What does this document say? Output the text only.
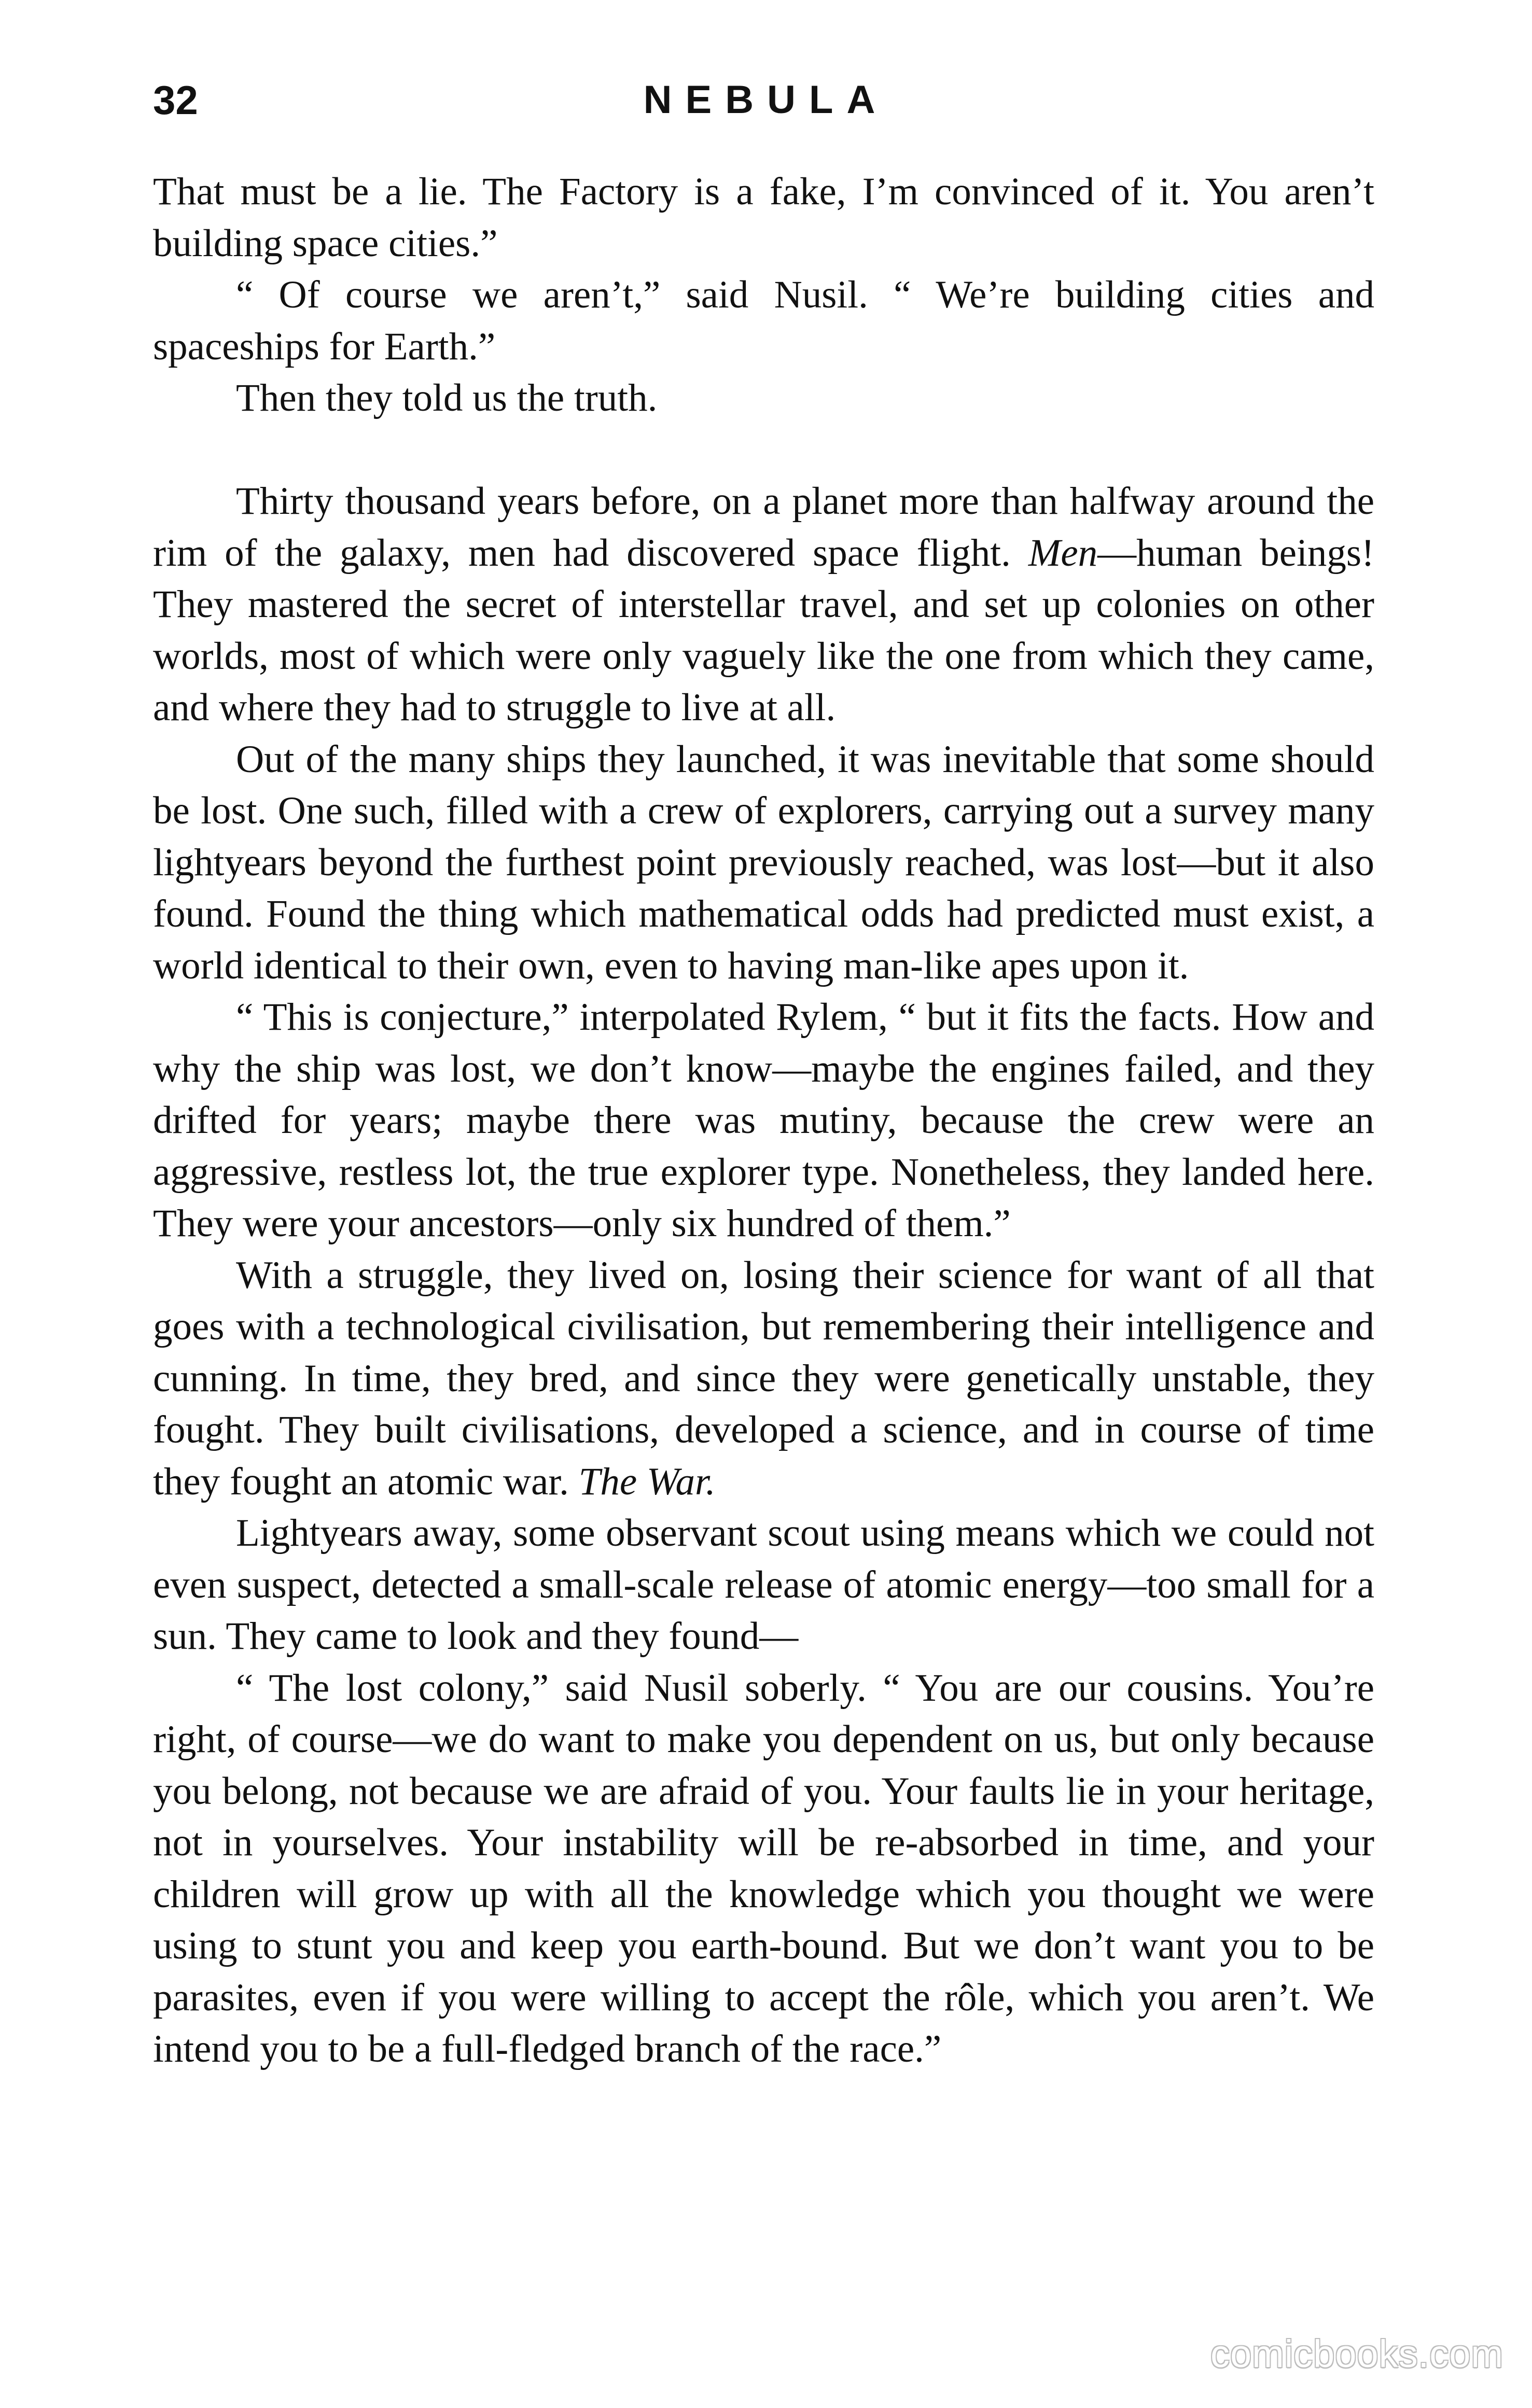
32	NEBULA

That must be a lie. The Factory is a fake, I’m convinced of it. You aren’t building space cities.”

“ Of course we aren’t,” said Nusil. “ We’re building cities and spaceships for Earth.”

Then they told us the truth.

Thirty thousand years before, on a planet more than halfway around the rim of the galaxy, men had discovered space flight. Men—human beings! They mastered the secret of interstellar travel, and set up colonies on other worlds, most of which were only vaguely like the one from which they came, and where they had to struggle to live at all.

Out of the many ships they launched, it was inevitable that some should be lost. One such, filled with a crew of explorers, carrying out a survey many lightyears beyond the furthest point previously reached, was lost—but it also found. Found the thing which mathematical odds had predicted must exist, a world identical to their own, even to having man-like apes upon it.

“ This is conjecture,” interpolated Rylem, “ but it fits the facts. How and why the ship was lost, we don’t know—maybe the engines failed, and they drifted for years; maybe there was mutiny, because the crew were an aggressive, restless lot, the true explorer type. Nonetheless, they landed here. They were your ancestors—only six hundred of them.”

With a struggle, they lived on, losing their science for want of all that goes with a technological civilisation, but remembering their intelligence and cunning. In time, they bred, and since they were genetically unstable, they fought. They built civilisations, developed a science, and in course of time they fought an atomic war. The War.

Lightyears away, some observant scout using means which we could not even suspect, detected a small-scale release of atomic energy—too small for a sun. They came to look and they found—

“ The lost colony,” said Nusil soberly. “ You are our cousins. You’re right, of course—we do want to make you dependent on us, but only because you belong, not because we are afraid of you. Your faults lie in your heritage, not in yourselves. Your instability will be re-absorbed in time, and your children will grow up with all the knowledge which you thought we were using to stunt you and keep you earth-bound. But we don’t want you to be parasites, even if you were willing to accept the rôle, which you aren’t. We intend you to be a full-fledged branch of the race.”

comicbooks.com
